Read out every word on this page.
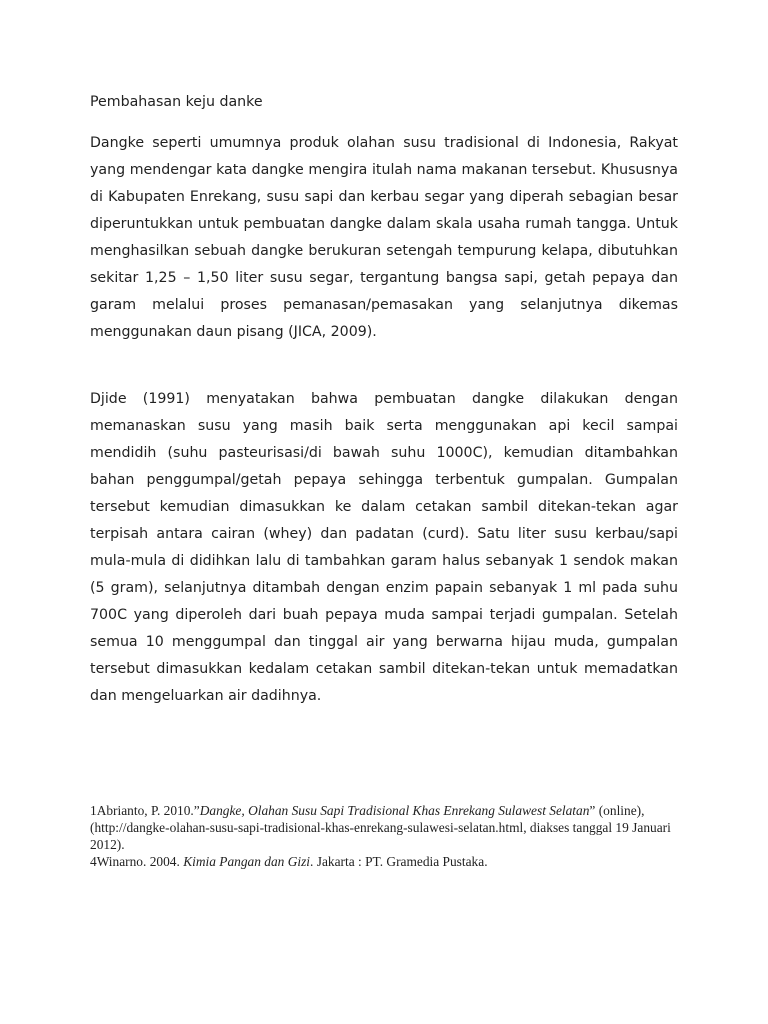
Pembahasan keju danke

Dangke seperti umumnya produk olahan susu tradisional di Indonesia, Rakyat yang mendengar kata dangke mengira itulah nama makanan tersebut. Khususnya di Kabupaten Enrekang, susu sapi dan kerbau segar yang diperah sebagian besar diperuntukkan untuk pembuatan dangke dalam skala usaha rumah tangga. Untuk menghasilkan sebuah dangke berukuran setengah tempurung kelapa, dibutuhkan sekitar 1,25 – 1,50 liter susu segar, tergantung bangsa sapi, getah pepaya dan garam melalui proses pemanasan/pemasakan yang selanjutnya dikemas menggunakan daun pisang (JICA, 2009).

Djide (1991) menyatakan bahwa pembuatan dangke dilakukan dengan memanaskan susu yang masih baik serta menggunakan api kecil sampai mendidih (suhu pasteurisasi/di bawah suhu 1000C), kemudian ditambahkan bahan penggumpal/getah pepaya sehingga terbentuk gumpalan. Gumpalan tersebut kemudian dimasukkan ke dalam cetakan sambil ditekan-tekan agar terpisah antara cairan (whey) dan padatan (curd). Satu liter susu kerbau/sapi mula-mula di didihkan lalu di tambahkan garam halus sebanyak 1 sendok makan (5 gram), selanjutnya ditambah dengan enzim papain sebanyak 1 ml pada suhu 700C yang diperoleh dari buah pepaya muda sampai terjadi gumpalan. Setelah semua 10 menggumpal dan tinggal air yang berwarna hijau muda, gumpalan tersebut dimasukkan kedalam cetakan sambil ditekan-tekan untuk memadatkan dan mengeluarkan air dadihnya.

1Abrianto, P. 2010.”Dangke, Olahan Susu Sapi Tradisional Khas Enrekang Sulawest Selatan” (online), (http://dangke-olahan-susu-sapi-tradisional-khas-enrekang-sulawesi-selatan.html, diakses tanggal 19 Januari 2012).

4Winarno. 2004. Kimia Pangan dan Gizi. Jakarta : PT. Gramedia Pustaka.
